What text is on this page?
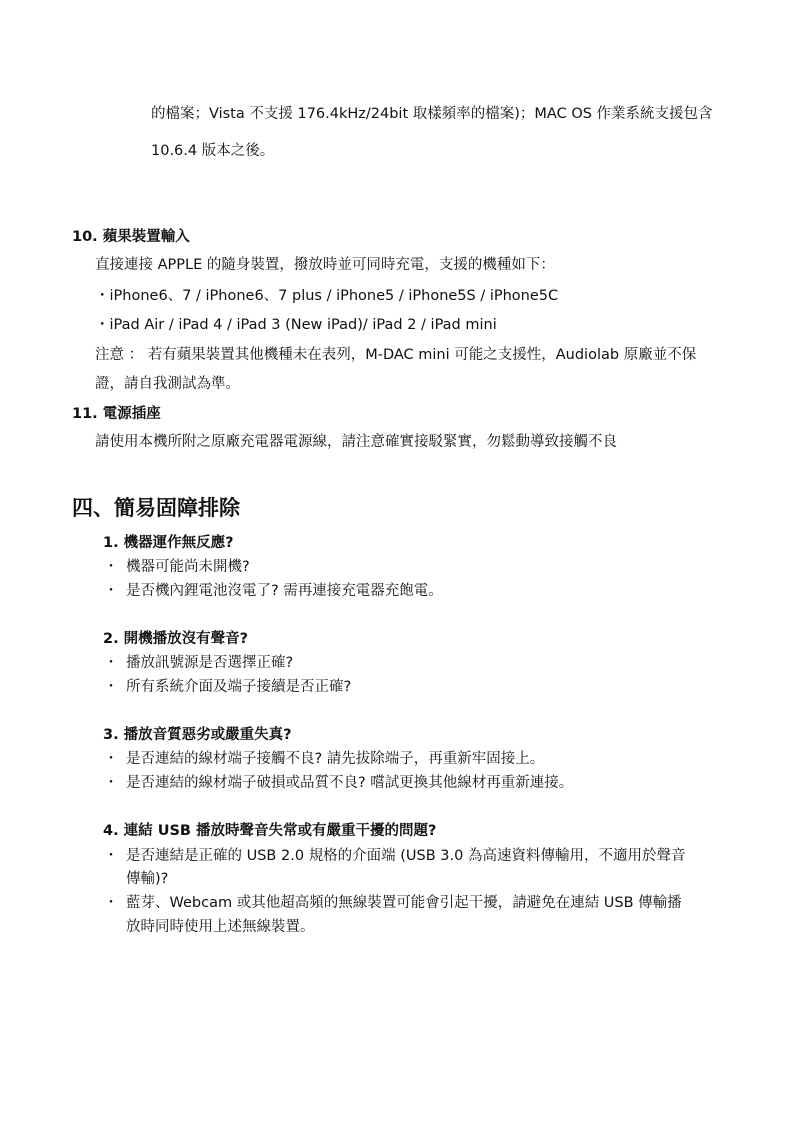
的檔案；Vista 不支援 176.4kHz/24bit 取樣頻率的檔案)；MAC OS 作業系統支援包含
10.6.4 版本之後。
10. 蘋果裝置輸入
直接連接 APPLE 的隨身裝置，撥放時並可同時充電，支援的機種如下：
・iPhone6、7 / iPhone6、7 plus / iPhone5 / iPhone5S / iPhone5C
・iPad Air / iPad 4 / iPad 3 (New iPad)/ iPad 2 / iPad mini
注意 ： 若有蘋果裝置其他機種未在表列，M-DAC mini 可能之支援性，Audiolab 原廠並不保
證，請自我測試為準。
11. 電源插座
請使用本機所附之原廠充電器電源線，請注意確實接駁緊實，勿鬆動導致接觸不良
四、簡易固障排除
1. 機器運作無反應?
・ 機器可能尚未開機?
・ 是否機內鋰電池沒電了? 需再連接充電器充飽電。
2. 開機播放沒有聲音?
・ 播放訊號源是否選擇正確?
・ 所有系統介面及端子接續是否正確?
3. 播放音質惡劣或嚴重失真?
・ 是否連結的線材端子接觸不良? 請先拔除端子，再重新牢固接上。
・ 是否連結的線材端子破損或品質不良? 嚐試更換其他線材再重新連接。
4. 連結 USB 播放時聲音失常或有嚴重干擾的問題?
・ 是否連結是正確的 USB 2.0 規格的介面端 (USB 3.0 為高速資料傳輸用，不適用於聲音
傳輸)?
・ 藍芽、Webcam 或其他超高頻的無線裝置可能會引起干擾，請避免在連結 USB 傳輸播
放時同時使用上述無線裝置。
